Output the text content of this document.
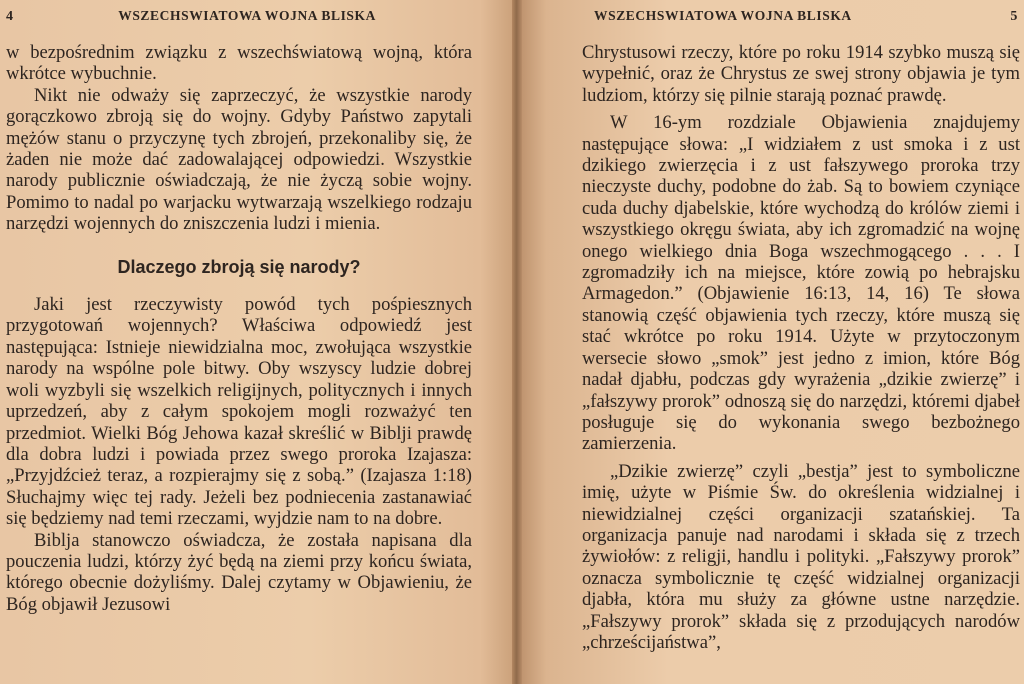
4	WSZECHSWIATOWA WOJNA BLISKA

w bezpośrednim związku z wszechświatową wojną, która wkrótce wybuchnie.

Nikt nie odważy się zaprzeczyć, że wszystkie narody gorączkowo zbroją się do wojny. Gdyby Państwo zapytali mężów stanu o przyczynę tych zbrojeń, przekonaliby się, że żaden nie może dać zadowalającej odpowiedzi. Wszystkie narody publicznie oświadczają, że nie życzą sobie wojny. Pomimo to nadal po warjacku wytwarzają wszelkiego rodzaju narzędzi wojennych do zniszczenia ludzi i mienia.

Dlaczego zbroją się narody?

Jaki jest rzeczywisty powód tych pośpiesznych przygotowań wojennych? Właściwa odpowiedź jest następująca: Istnieje niewidzialna moc, zwołująca wszystkie narody na wspólne pole bitwy. Oby wszyscy ludzie dobrej woli wyzbyli się wszelkich religijnych, politycznych i innych uprzedzeń, aby z całym spokojem mogli rozważyć ten przedmiot. Wielki Bóg Jehowa kazał skreślić w Biblji prawdę dla dobra ludzi i powiada przez swego proroka Izajasza: „Przyjdźcież teraz, a rozpierajmy się z sobą.” (Izajasza 1:18) Słuchajmy więc tej rady. Jeżeli bez podniecenia zastanawiać się będziemy nad temi rzeczami, wyjdzie nam to na dobre.

Biblja stanowczo oświadcza, że została napisana dla pouczenia ludzi, którzy żyć będą na ziemi przy końcu świata, którego obecnie dożyliśmy. Dalej czytamy w Objawieniu, że Bóg objawił Jezusowi

WSZECHSWIATOWA WOJNA BLISKA	5

Chrystusowi rzeczy, które po roku 1914 szybko muszą się wypełnić, oraz że Chrystus ze swej strony objawia je tym ludziom, którzy się pilnie starają poznać prawdę.

W 16-ym rozdziale Objawienia znajdujemy następujące słowa: „I widziałem z ust smoka i z ust dzikiego zwierzęcia i z ust fałszywego proroka trzy nieczyste duchy, podobne do żab. Są to bowiem czyniące cuda duchy djabelskie, które wychodzą do królów ziemi i wszystkiego okręgu świata, aby ich zgromadzić na wojnę onego wielkiego dnia Boga wszechmogącego . . . I zgromadziły ich na miejsce, które zowią po hebrajsku Armagedon.” (Objawienie 16:13, 14, 16) Te słowa stanowią część objawienia tych rzeczy, które muszą się stać wkrótce po roku 1914. Użyte w przytoczonym wersecie słowo „smok” jest jedno z imion, które Bóg nadał djabłu, podczas gdy wyrażenia „dzikie zwierzę” i „fałszywy prorok” odnoszą się do narzędzi, któremi djabeł posługuje się do wykonania swego bezbożnego zamierzenia.

„Dzikie zwierzę” czyli „bestja” jest to symboliczne imię, użyte w Piśmie Św. do określenia widzialnej i niewidzialnej części organizacji szatańskiej. Ta organizacja panuje nad narodami i składa się z trzech żywiołów: z religji, handlu i polityki. „Fałszywy prorok” oznacza symbolicznie tę część widzialnej organizacji djabła, która mu służy za główne ustne narzędzie. „Fałszywy prorok” składa się z przodujących narodów „chrześcijaństwa”,
